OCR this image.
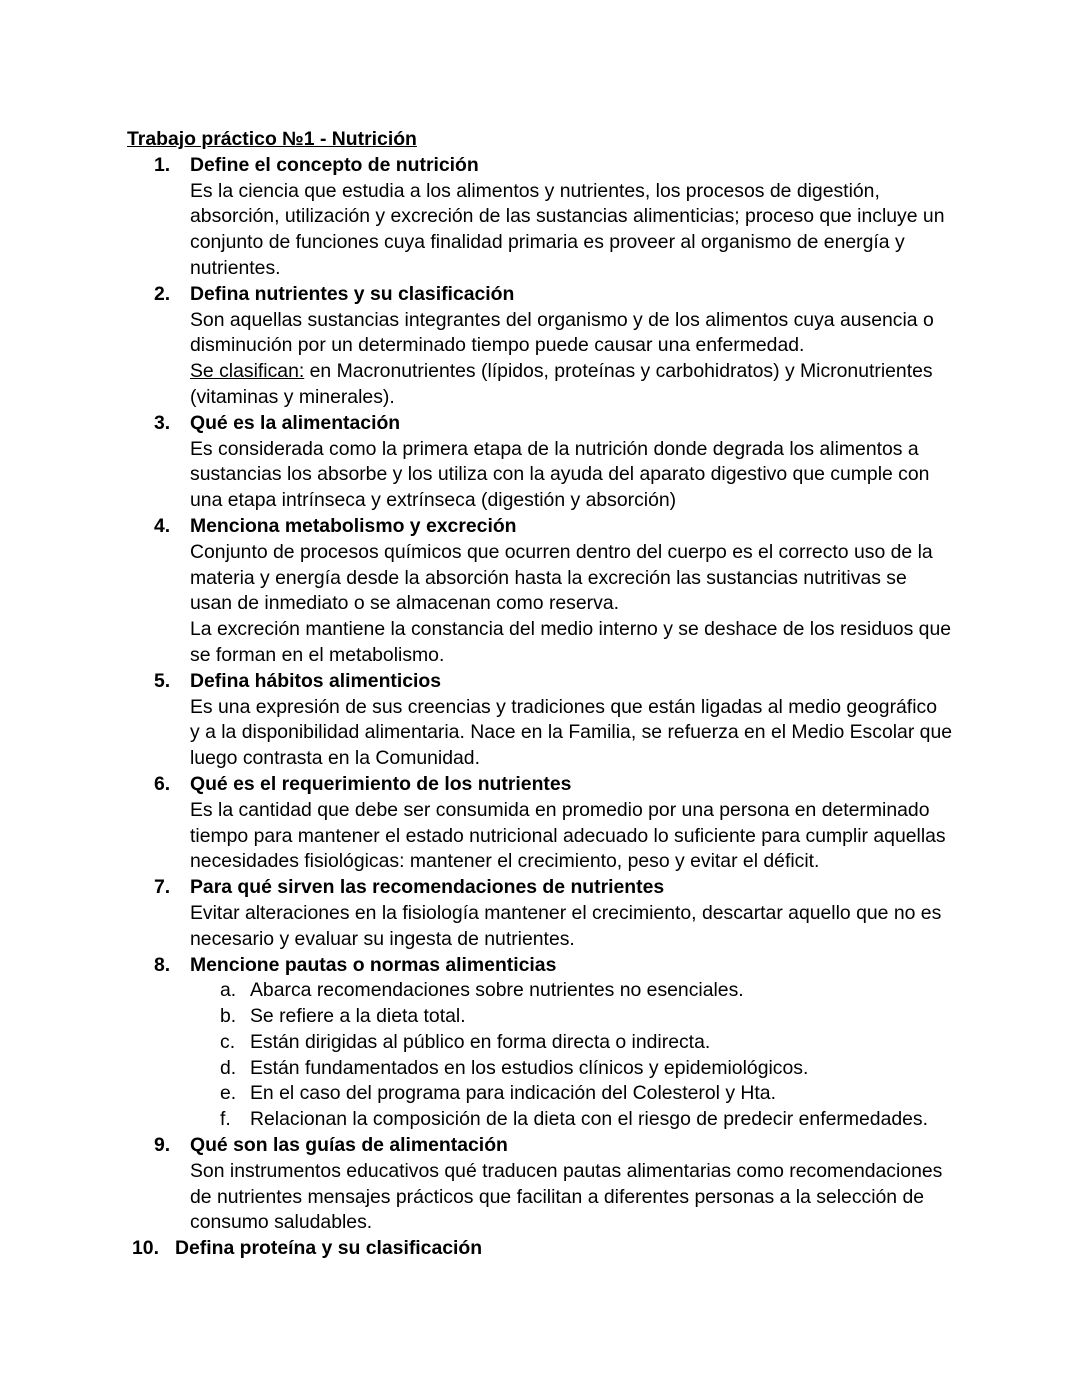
Trabajo práctico №1 - Nutrición
1.	Define el concepto de nutrición
Es la ciencia que estudia a los alimentos y nutrientes, los procesos de digestión,
absorción, utilización y excreción de las sustancias alimenticias; proceso que incluye un
conjunto de funciones cuya finalidad primaria es proveer al organismo de energía y
nutrientes.
2.	Defina nutrientes y su clasificación
Son aquellas sustancias integrantes del organismo y de los alimentos cuya ausencia o
disminución por un determinado tiempo puede causar una enfermedad.
Se clasifican: en Macronutrientes (lípidos, proteínas y carbohidratos) y Micronutrientes
(vitaminas y minerales).
3.	Qué es la alimentación
Es considerada como la primera etapa de la nutrición donde degrada los alimentos a
sustancias los absorbe y los utiliza con la ayuda del aparato digestivo que cumple con
una etapa intrínseca y extrínseca (digestión y absorción)
4.	Menciona metabolismo y excreción
Conjunto de procesos químicos que ocurren dentro del cuerpo es el correcto uso de la
materia y energía desde la absorción hasta la excreción las sustancias nutritivas se
usan de inmediato o se almacenan como reserva.
La excreción mantiene la constancia del medio interno y se deshace de los residuos que
se forman en el metabolismo.
5.	Defina hábitos alimenticios
Es una expresión de sus creencias y tradiciones que están ligadas al medio geográfico
y a la disponibilidad alimentaria. Nace en la Familia, se refuerza en el Medio Escolar que
luego contrasta en la Comunidad.
6.	Qué es el requerimiento de los nutrientes
Es la cantidad que debe ser consumida en promedio por una persona en determinado
tiempo para mantener el estado nutricional adecuado lo suficiente para cumplir aquellas
necesidades fisiológicas: mantener el crecimiento, peso y evitar el déficit.
7.	Para qué sirven las recomendaciones de nutrientes
Evitar alteraciones en la fisiología mantener el crecimiento, descartar aquello que no es
necesario y evaluar su ingesta de nutrientes.
8.	Mencione pautas o normas alimenticias
a. Abarca recomendaciones sobre nutrientes no esenciales.
b. Se refiere a la dieta total.
c. Están dirigidas al público en forma directa o indirecta.
d. Están fundamentados en los estudios clínicos y epidemiológicos.
e. En el caso del programa para indicación del Colesterol y Hta.
f. Relacionan la composición de la dieta con el riesgo de predecir enfermedades.
9.	Qué son las guías de alimentación
Son instrumentos educativos qué traducen pautas alimentarias como recomendaciones
de nutrientes mensajes prácticos que facilitan a diferentes personas a la selección de
consumo saludables.
10. Defina proteína y su clasificación
